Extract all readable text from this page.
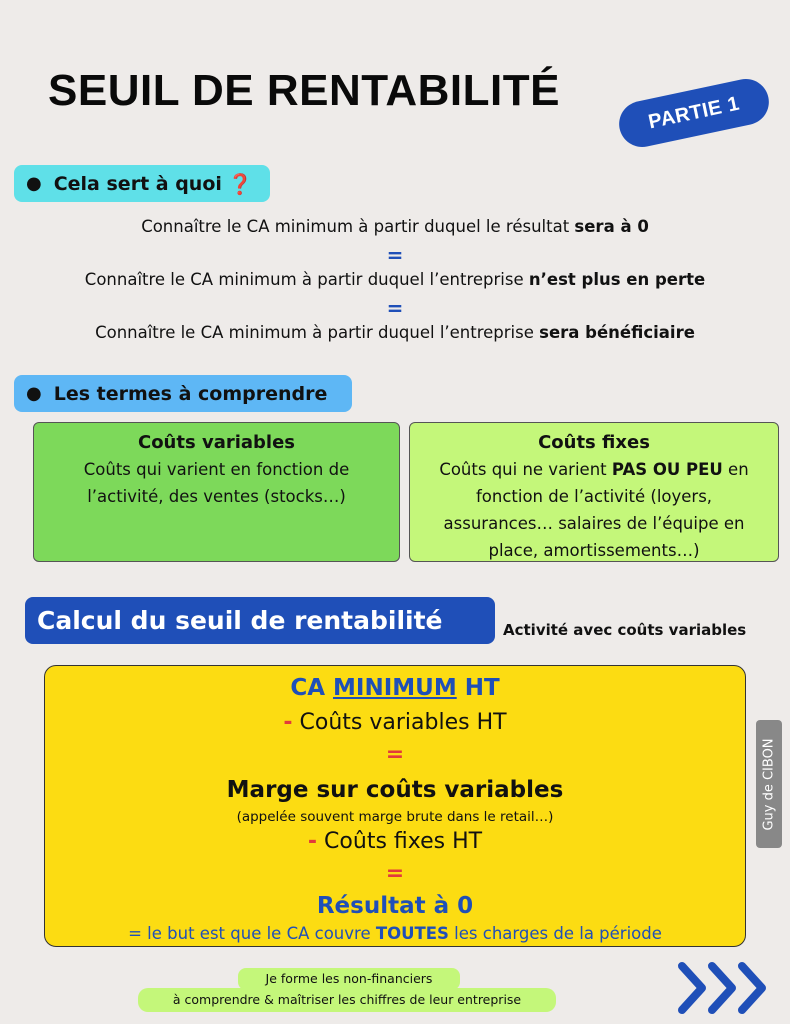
SEUIL DE RENTABILITÉ	PARTIE 1
● Cela sert à quoi ❓
Connaître le CA minimum à partir duquel le résultat sera à 0
=
Connaître le CA minimum à partir duquel l’entreprise n’est plus en perte
=
Connaître le CA minimum à partir duquel l’entreprise sera bénéficiaire
● Les termes à comprendre
Coûts variables
Coûts qui varient en fonction de
l’activité, des ventes (stocks…)
Coûts fixes
Coûts qui ne varient PAS OU PEU en
fonction de l’activité (loyers,
assurances… salaires de l’équipe en
place, amortissements…)
Calcul du seuil de rentabilité	Activité avec coûts variables
CA MINIMUM HT
- Coûts variables HT
=
Marge sur coûts variables
(appelée souvent marge brute dans le retail…)
- Coûts fixes HT
=
Résultat à 0
= le but est que le CA couvre TOUTES les charges de la période
Guy de CIBON
à comprendre & maîtriser les chiffres de leur entreprise
Je forme les non-financiers
